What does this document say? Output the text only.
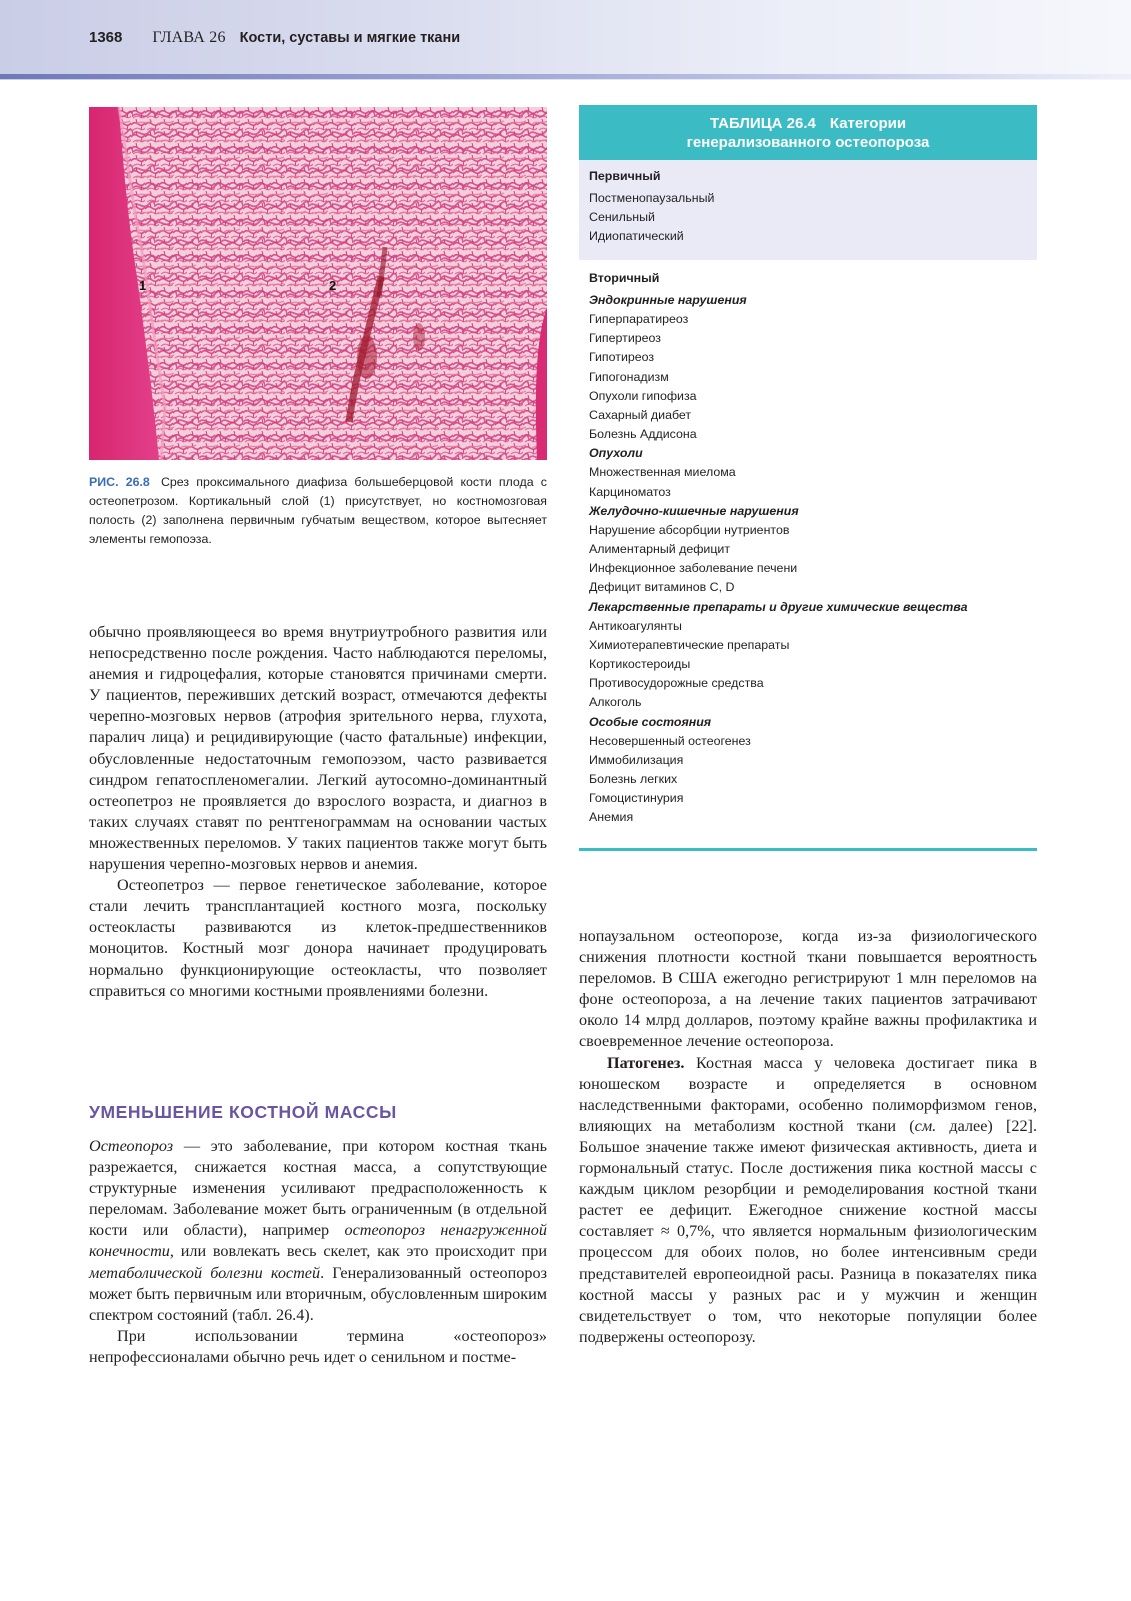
1368 ГЛАВА 26 Кости, суставы и мягкие ткани
1	2
РИС. 26.8 Срез проксимального диафиза большеберцовой кости плода с остеопетрозом. Кортикальный слой (1) присутствует, но костномозговая полость (2) заполнена первичным губчатым веществом, которое вытесняет элементы гемопоэза.

обычно проявляющееся во время внутриутробного развития или непосредственно после рождения. Часто наблюдаются переломы, анемия и гидроцефалия, которые становятся причинами смерти. У пациентов, переживших детский возраст, отмечаются дефекты черепно-мозговых нервов (атрофия зрительного нерва, глухота, паралич лица) и рецидивирующие (часто фатальные) инфекции, обусловленные недостаточным гемопоэзом, часто развивается синдром гепатоспленомегалии. Легкий аутосомно-доминантный остеопетроз не проявляется до взрослого возраста, и диагноз в таких случаях ставят по рентгенограммам на основании частых множественных переломов. У таких пациентов также могут быть нарушения черепно-мозговых нервов и анемия.

Остеопетроз — первое генетическое заболевание, которое стали лечить трансплантацией костного мозга, поскольку остеокласты развиваются из клеток-предшественников моноцитов. Костный мозг донора начинает продуцировать нормально функционирующие остеокласты, что позволяет справиться со многими костными проявлениями болезни.

УМЕНЬШЕНИЕ КОСТНОЙ МАССЫ

Остеопороз — это заболевание, при котором костная ткань разрежается, снижается костная масса, а сопутствующие структурные изменения усиливают предрасположенность к переломам. Заболевание может быть ограниченным (в отдельной кости или области), например остеопороз ненагруженной конечности, или вовлекать весь скелет, как это происходит при метаболической болезни костей. Генерализованный остеопороз может быть первичным или вторичным, обусловленным широким спектром состояний (табл. 26.4).

При использовании термина «остеопороз» непрофессионалами обычно речь идет о сенильном и постме-

нопаузальном остеопорозе, когда из-за физиологического снижения плотности костной ткани повышается вероятность переломов. В США ежегодно регистрируют 1 млн переломов на фоне остеопороза, а на лечение таких пациентов затрачивают около 14 млрд долларов, поэтому крайне важны профилактика и своевременное лечение остеопороза.

Патогенез. Костная масса у человека достигает пика в юношеском возрасте и определяется в основном наследственными факторами, особенно полиморфизмом генов, влияющих на метаболизм костной ткани (см. далее) [22]. Большое значение также имеют физическая активность, диета и гормональный статус. После достижения пика костной массы с каждым циклом резорбции и ремоделирования костной ткани растет ее дефицит. Ежегодное снижение костной массы составляет ≈ 0,7%, что является нормальным физиологическим процессом для обоих полов, но более интенсивным среди представителей европеоидной расы. Разница в показателях пика костной массы у разных рас и у мужчин и женщин свидетельствует о том, что некоторые популяции более подвержены остеопорозу.

ТАБЛИЦА 26.4 Категории
генерализованного остеопороза
Первичный
Постменопаузальный
Сенильный
Идиопатический
Вторичный
Эндокринные нарушения
Гиперпаратиреоз
Гипертиреоз
Гипотиреоз
Гипогонадизм
Опухоли гипофиза
Сахарный диабет
Болезнь Аддисона
Опухоли
Множественная миелома
Карциноматоз
Желудочно-кишечные нарушения
Нарушение абсорбции нутриентов
Алиментарный дефицит
Инфекционное заболевание печени
Дефицит витаминов С, D
Лекарственные препараты и другие химические вещества
Антикоагулянты
Химиотерапевтические препараты
Кортикостероиды
Противосудорожные средства
Алкоголь
Особые состояния
Несовершенный остеогенез
Иммобилизация
Болезнь легких
Гомоцистинурия
Анемия
